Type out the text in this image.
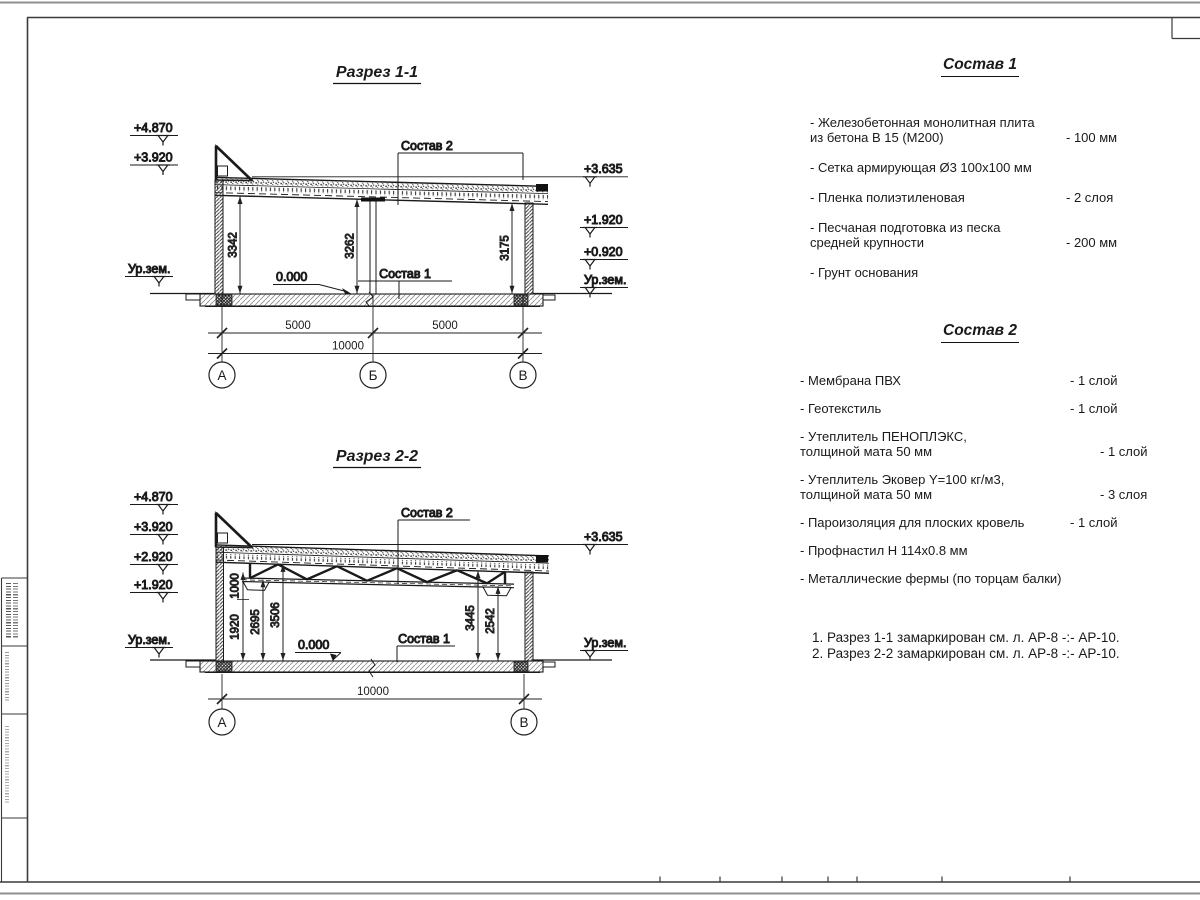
Разрез 1-1
3342	3262	3175
+4.870
+3.920
Ур.зем.
+3.635
+1.920
+0.920
Ур.зем.
Состав 2
Состав 1
0.000
5000	5000
10000
А	Б	В
Разрез 2-2
1000
1920 2695 3506	3445 2542
+4.870
+3.920
+2.920
+1.920
Ур.зем.
+3.635
Ур.зем.
Состав 2
Состав 1
0.000
10000
А	В
Состав 1
- Железобетонная монолитная плита
из бетона В 15 (М200)	- 100 мм
- Сетка армирующая Ø3 100х100 мм
- Пленка полиэтиленовая	- 2 слоя
- Песчаная подготовка из песка
средней крупности	- 200 мм
- Грунт основания
Состав 2
- Мембрана ПВХ	- 1 слой
- Геотекстиль	- 1 слой
- Утеплитель ПЕНОПЛЭКС,
толщиной мата 50 мм	- 1 слой
- Утеплитель Эковер Y=100 кг/м3,
толщиной мата 50 мм	- 3 слоя
- Пароизоляция для плоских кровель	- 1 слой
- Профнастил Н 114х0.8 мм
- Металлические фермы (по торцам балки)
1. Разрез 1-1 замаркирован см. л. АР-8 -:- АР-10.
2. Разрез 2-2 замаркирован см. л. АР-8 -:- АР-10.
